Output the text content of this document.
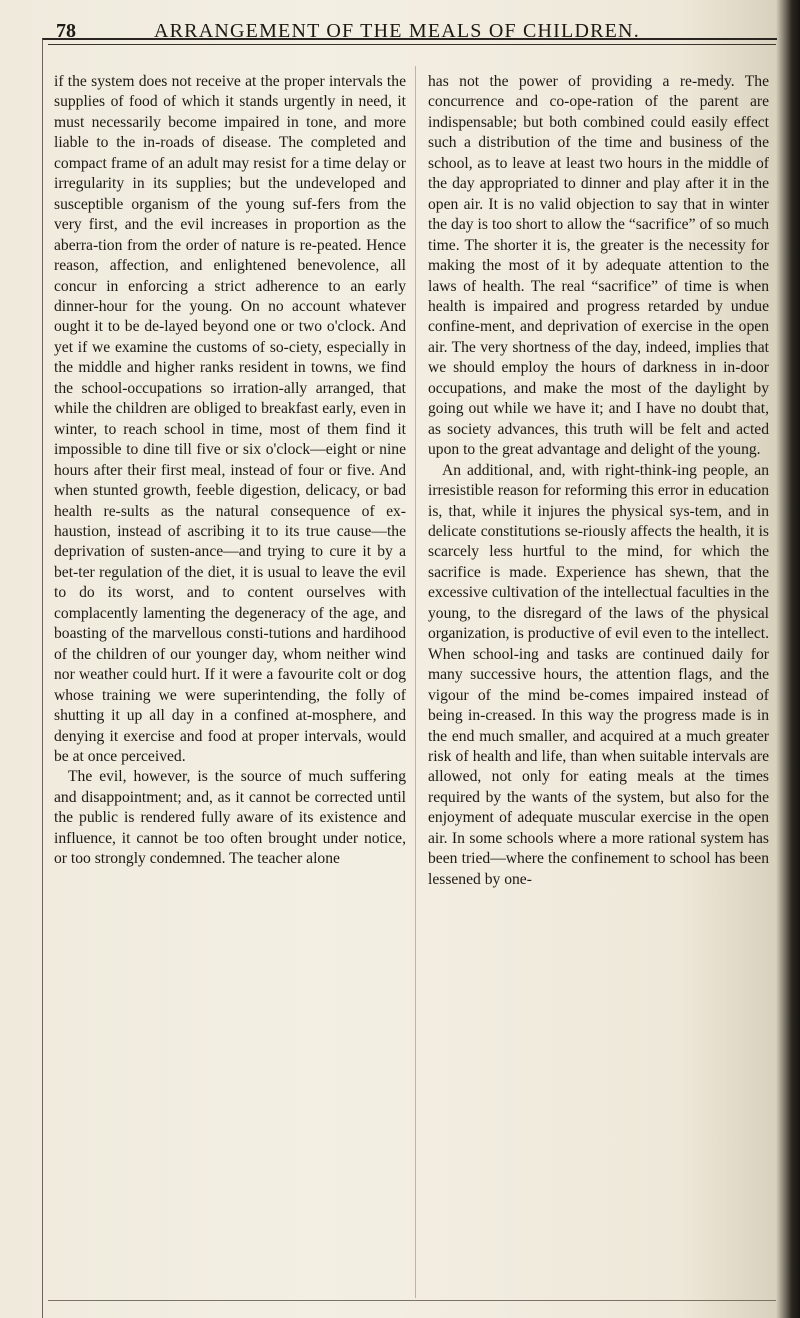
78	ARRANGEMENT OF THE MEALS OF CHILDREN.

if the system does not receive at the proper intervals the supplies of food of which it stands urgently in need, it must necessarily become impaired in tone, and more liable to the in-roads of disease. The completed and compact frame of an adult may resist for a time delay or irregularity in its supplies; but the undeveloped and susceptible organism of the young suf-fers from the very first, and the evil increases in proportion as the aberra-tion from the order of nature is re-peated. Hence reason, affection, and enlightened benevolence, all concur in enforcing a strict adherence to an early dinner-hour for the young. On no account whatever ought it to be de-layed beyond one or two o'clock. And yet if we examine the customs of so-ciety, especially in the middle and higher ranks resident in towns, we find the school-occupations so irration-ally arranged, that while the children are obliged to breakfast early, even in winter, to reach school in time, most of them find it impossible to dine till five or six o'clock—eight or nine hours after their first meal, instead of four or five. And when stunted growth, feeble digestion, delicacy, or bad health re-sults as the natural consequence of ex-haustion, instead of ascribing it to its true cause—the deprivation of susten-ance—and trying to cure it by a bet-ter regulation of the diet, it is usual to leave the evil to do its worst, and to content ourselves with complacently lamenting the degeneracy of the age, and boasting of the marvellous consti-tutions and hardihood of the children of our younger day, whom neither wind nor weather could hurt. If it were a favourite colt or dog whose training we were superintending, the folly of shutting it up all day in a confined at-mosphere, and denying it exercise and food at proper intervals, would be at once perceived.

The evil, however, is the source of much suffering and disappointment; and, as it cannot be corrected until the public is rendered fully aware of its existence and influence, it cannot be too often brought under notice, or too strongly condemned. The teacher alone

has not the power of providing a re-medy. The concurrence and co-ope-ration of the parent are indispensable; but both combined could easily effect such a distribution of the time and business of the school, as to leave at least two hours in the middle of the day appropriated to dinner and play after it in the open air. It is no valid objection to say that in winter the day is too short to allow the “sacrifice” of so much time. The shorter it is, the greater is the necessity for making the most of it by adequate attention to the laws of health. The real “sacrifice” of time is when health is impaired and progress retarded by undue confine-ment, and deprivation of exercise in the open air. The very shortness of the day, indeed, implies that we should employ the hours of darkness in in-door occupations, and make the most of the daylight by going out while we have it; and I have no doubt that, as society advances, this truth will be felt and acted upon to the great advantage and delight of the young.

An additional, and, with right-think-ing people, an irresistible reason for reforming this error in education is, that, while it injures the physical sys-tem, and in delicate constitutions se-riously affects the health, it is scarcely less hurtful to the mind, for which the sacrifice is made. Experience has shewn, that the excessive cultivation of the intellectual faculties in the young, to the disregard of the laws of the physical organization, is productive of evil even to the intellect. When school-ing and tasks are continued daily for many successive hours, the attention flags, and the vigour of the mind be-comes impaired instead of being in-creased. In this way the progress made is in the end much smaller, and acquired at a much greater risk of health and life, than when suitable intervals are allowed, not only for eating meals at the times required by the wants of the system, but also for the enjoyment of adequate muscular exercise in the open air. In some schools where a more rational system has been tried—where the confinement to school has been lessened by one-
